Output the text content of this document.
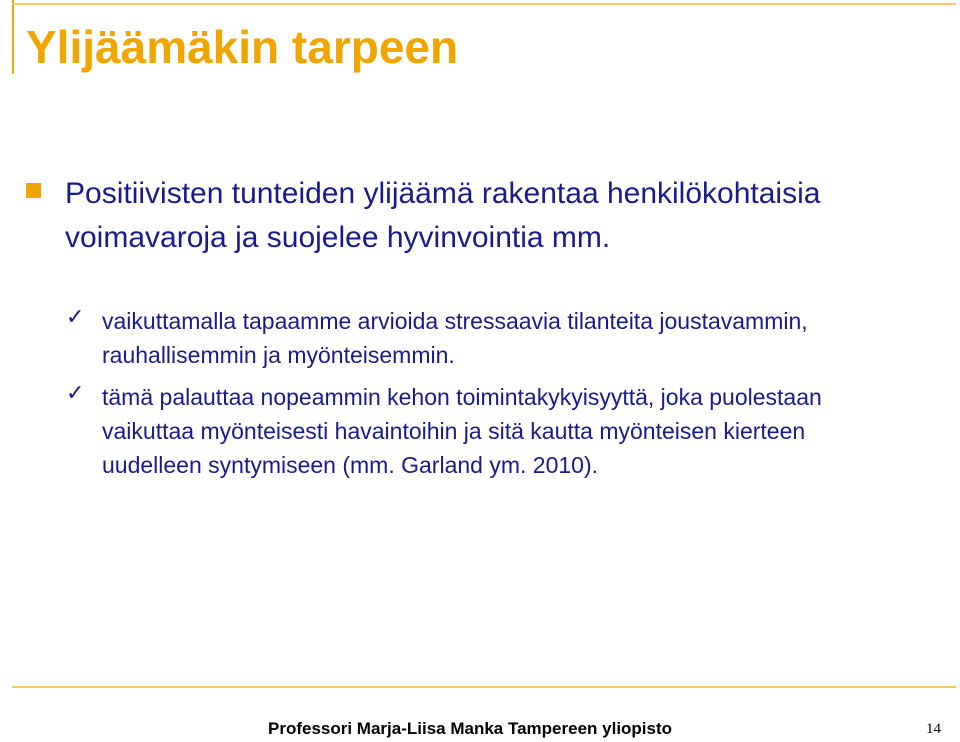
Ylijäämäkin tarpeen
Positiivisten tunteiden ylijäämä rakentaa henkilökohtaisia voimavaroja ja suojelee hyvinvointia mm.
✓ vaikuttamalla tapaamme arvioida stressaavia tilanteita joustavammin, rauhallisemmin ja myönteisemmin.
✓ tämä palauttaa nopeammin kehon toimintakykyisyyttä, joka puolestaan vaikuttaa myönteisesti havaintoihin ja sitä kautta myönteisen kierteen uudelleen syntymiseen (mm. Garland ym. 2010).
Professori Marja-Liisa Manka Tampereen yliopisto	14
